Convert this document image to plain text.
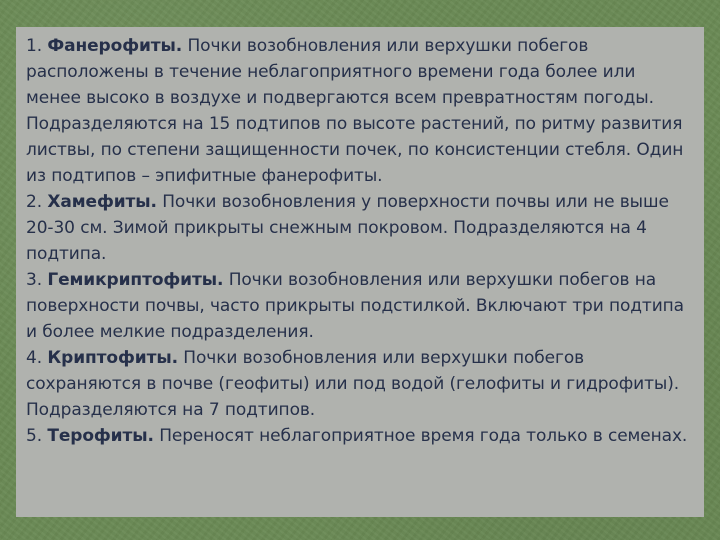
1. Фанерофиты. Почки возобновления или верхушки побегов расположены в течение неблагоприятного времени года более или менее высоко в воздухе и подвергаются всем превратностям погоды. Подразделяются на 15 подтипов по высоте растений, по ритму развития листвы, по степени защищенности почек, по консистенции стебля. Один из подтипов – эпифитные фанерофиты.

2. Хамефиты. Почки возобновления у поверхности почвы или не выше 20-30 см. Зимой прикрыты снежным покровом. Подразделяются на 4 подтипа.

3. Гемикриптофиты. Почки возобновления или верхушки побегов на поверхности почвы, часто прикрыты подстилкой. Включают три подтипа и более мелкие подразделения.

4. Криптофиты. Почки возобновления или верхушки побегов сохраняются в почве (геофиты) или под водой (гелофиты и гидрофиты). Подразделяются на 7 подтипов.

5. Терофиты. Переносят неблагоприятное время года только в семенах.
